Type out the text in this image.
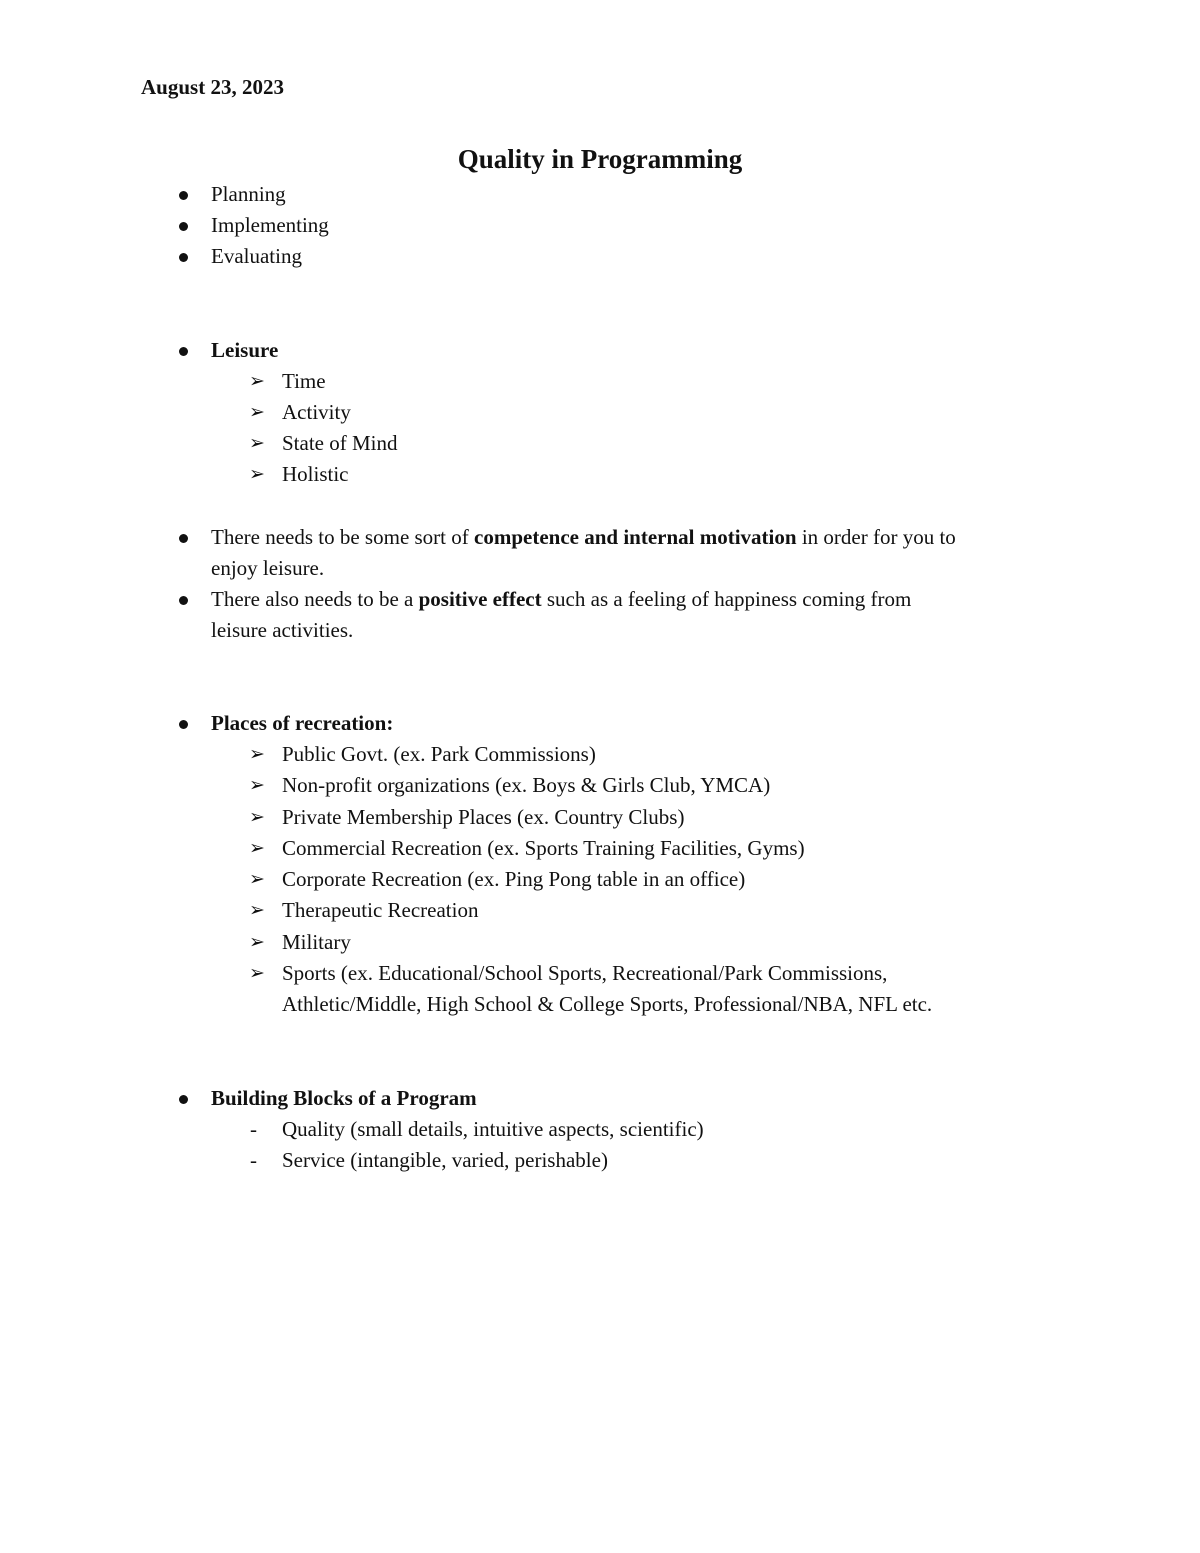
August 23, 2023
Quality in Programming
Planning
Implementing
Evaluating
Leisure
➢ Time
➢ Activity
➢ State of Mind
➢ Holistic
There needs to be some sort of competence and internal motivation in order for you to
enjoy leisure.
There also needs to be a positive effect such as a feeling of happiness coming from
leisure activities.
Places of recreation:
➢ Public Govt. (ex. Park Commissions)
➢ Non-profit organizations (ex. Boys & Girls Club, YMCA)
➢ Private Membership Places (ex. Country Clubs)
➢ Commercial Recreation (ex. Sports Training Facilities, Gyms)
➢ Corporate Recreation (ex. Ping Pong table in an office)
➢ Therapeutic Recreation
➢ Military
➢ Sports (ex. Educational/School Sports, Recreational/Park Commissions,
Athletic/Middle, High School & College Sports, Professional/NBA, NFL etc.
Building Blocks of a Program
- Quality (small details, intuitive aspects, scientific)
- Service (intangible, varied, perishable)
